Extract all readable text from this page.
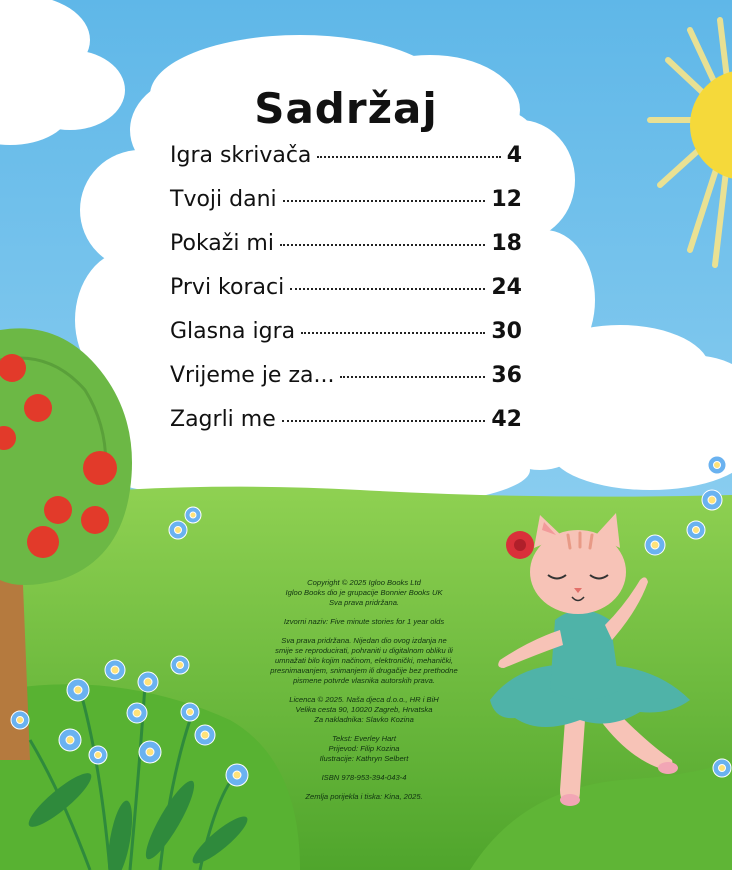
Sadržaj
Igra skrivača	4
Tvoji dani	12
Pokaži mi	18
Prvi koraci	24
Glasna igra	30
Vrijeme je za...	36
Zagrli me	42

Copyright © 2025 Igloo Books Ltd
Igloo Books dio je grupacije Bonnier Books UK
Sva prava pridržana.

Izvorni naziv: Five minute stories for 1 year olds

Sva prava pridržana. Nijedan dio ovog izdanja ne
smije se reproducirati, pohraniti u digitalnom obliku ili
umnažati bilo kojim načinom, elektronički, mehanički,
presnimavanjem, snimanjem ili drugačije bez prethodne
pismene potvrde vlasnika autorskih prava.

Licenca © 2025. Naša djeca d.o.o., HR i BiH
Velika cesta 90, 10020 Zagreb, Hrvatska
Za nakladnika: Slavko Kozina

Tekst: Everley Hart
Prijevod: Filip Kozina
Ilustracije: Kathryn Selbert

ISBN 978-953-394-043-4

Zemlja porijekla i tiska: Kina, 2025.
